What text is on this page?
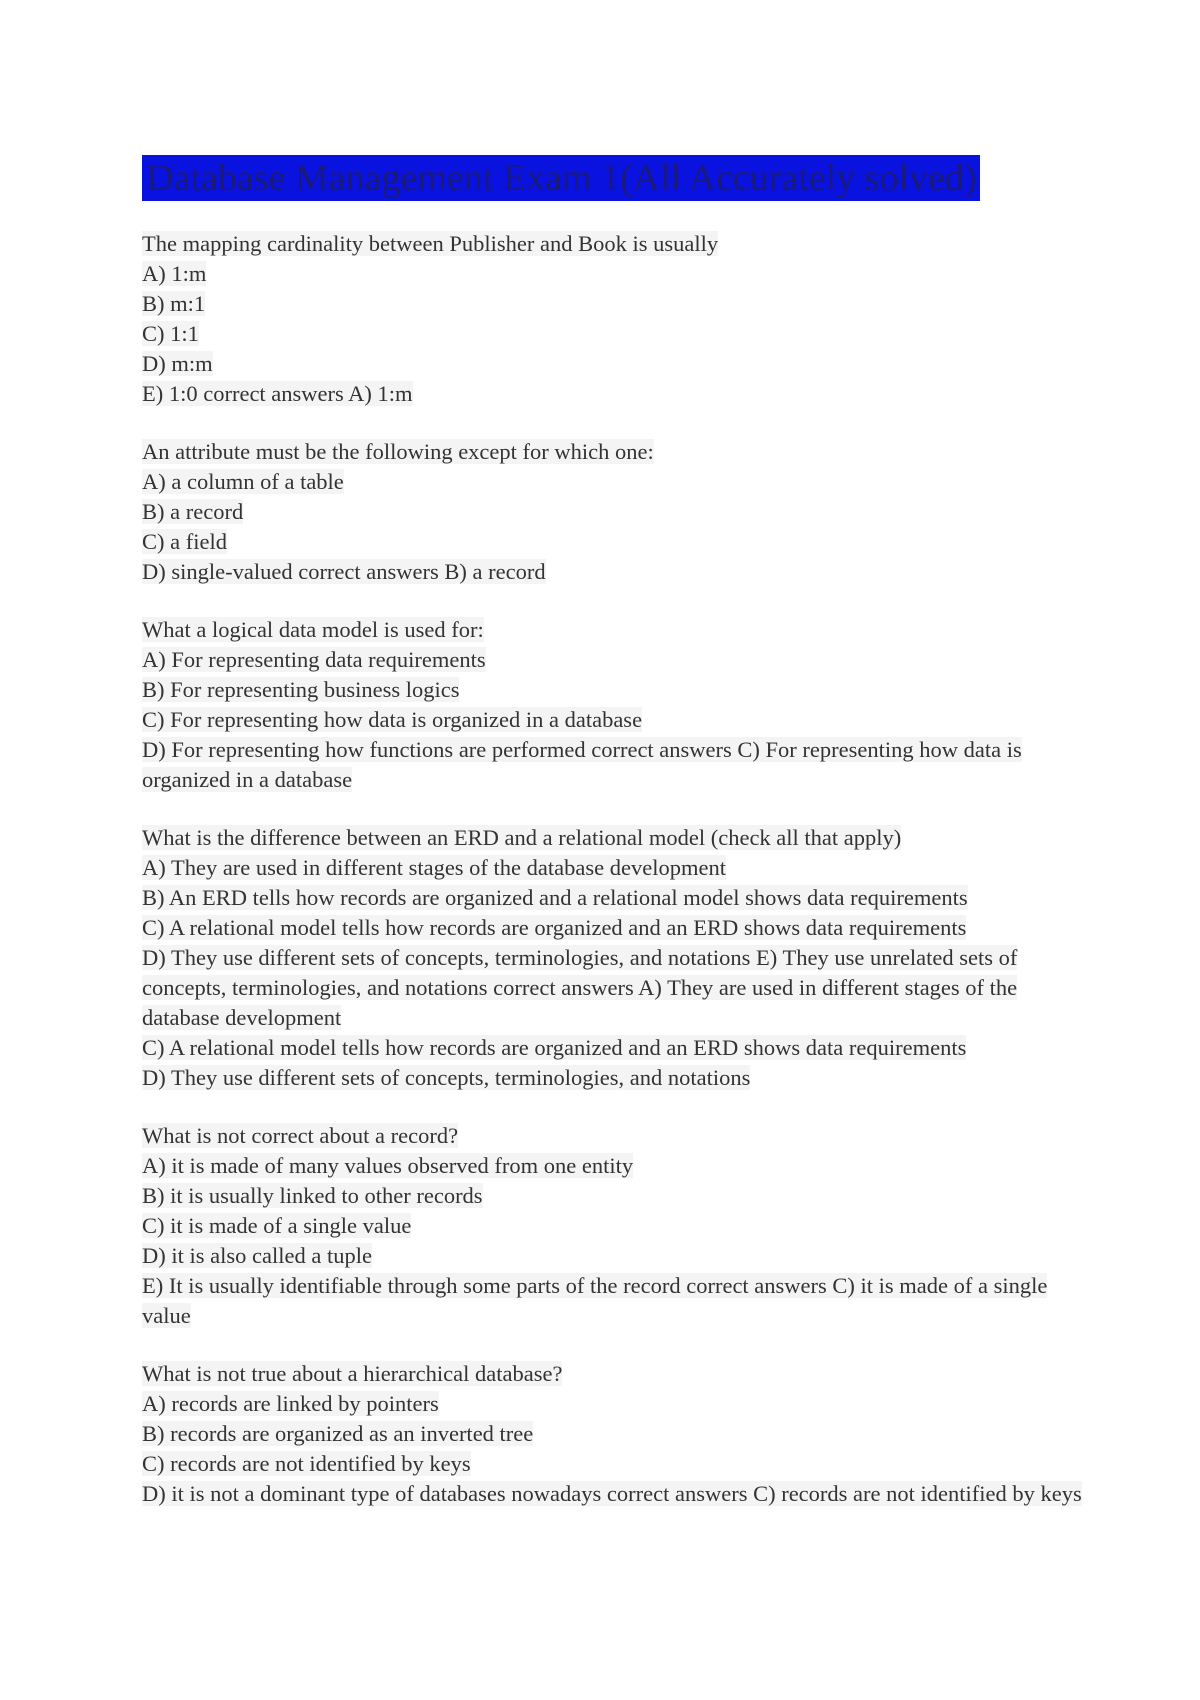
Database Management Exam 1(All Accurately solved)
The mapping cardinality between Publisher and Book is usually
A) 1:m
B) m:1
C) 1:1
D) m:m
E) 1:0 correct answers A) 1:m
An attribute must be the following except for which one:
A) a column of a table
B) a record
C) a field
D) single-valued correct answers B) a record
What a logical data model is used for:
A) For representing data requirements
B) For representing business logics
C) For representing how data is organized in a database
D) For representing how functions are performed correct answers C) For representing how data is organized in a database
What is the difference between an ERD and a relational model (check all that apply)
A) They are used in different stages of the database development
B) An ERD tells how records are organized and a relational model shows data requirements
C) A relational model tells how records are organized and an ERD shows data requirements
D) They use different sets of concepts, terminologies, and notations E) They use unrelated sets of concepts, terminologies, and notations correct answers A) They are used in different stages of the database development
C) A relational model tells how records are organized and an ERD shows data requirements
D) They use different sets of concepts, terminologies, and notations
What is not correct about a record?
A) it is made of many values observed from one entity
B) it is usually linked to other records
C) it is made of a single value
D) it is also called a tuple
E) It is usually identifiable through some parts of the record correct answers C) it is made of a single value
What is not true about a hierarchical database?
A) records are linked by pointers
B) records are organized as an inverted tree
C) records are not identified by keys
D) it is not a dominant type of databases nowadays correct answers C) records are not identified by keys
